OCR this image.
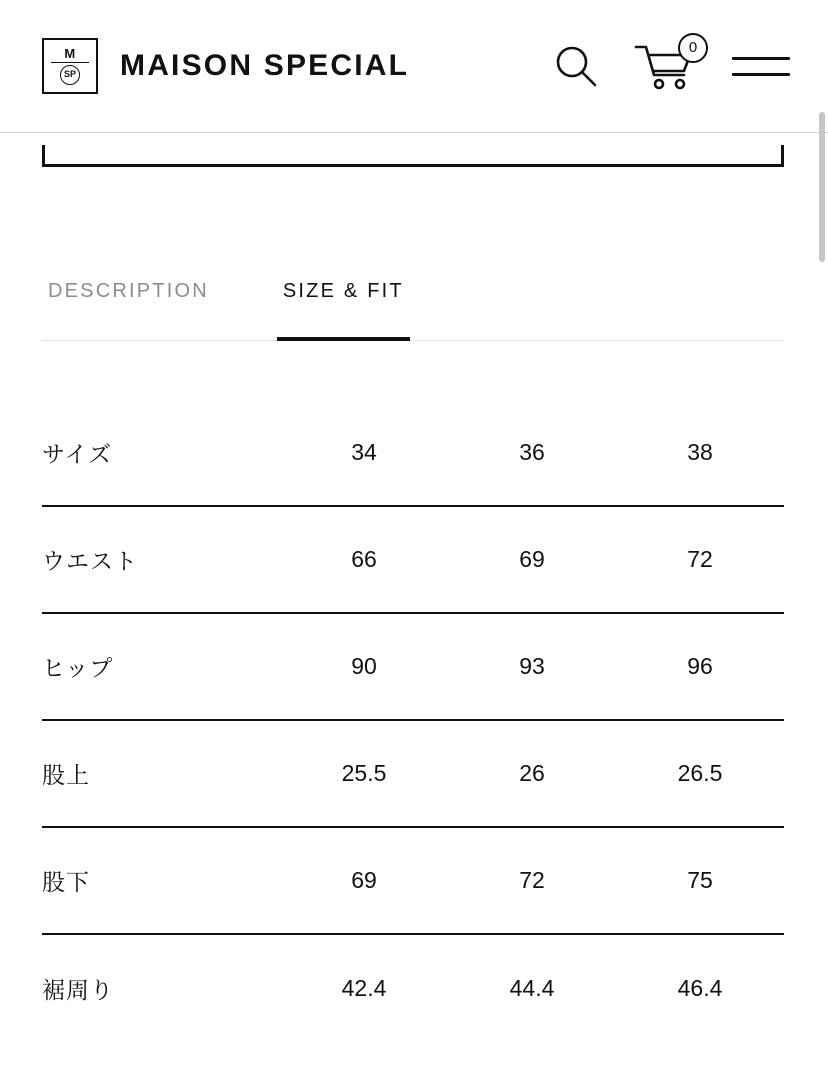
M
SP MAISON SPECIAL
0
DESCRIPTION	SIZE & FIT
サイズ	34	36	38
ウエスト	66	69	72
ヒップ	90	93	96
股上	25.5	26	26.5
股下	69	72	75
裾周り	42.4	44.4	46.4
